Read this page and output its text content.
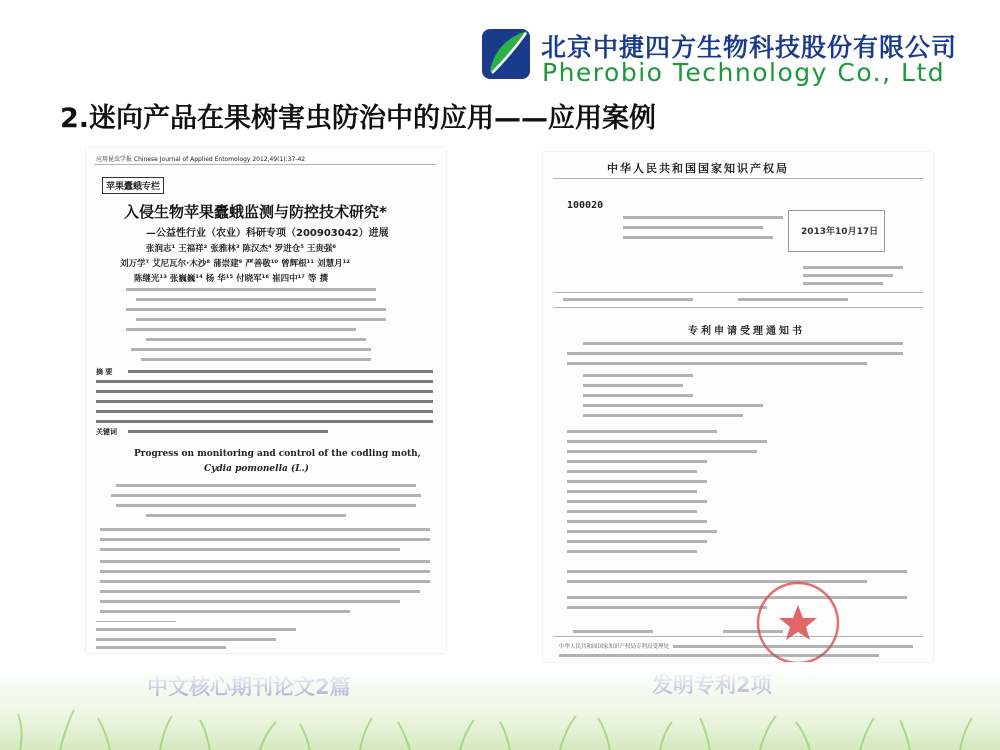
北京中捷四方生物科技股份有限公司
Pherobio Technology Co., Ltd
2.迷向产品在果树害虫防治中的应用——应用案例
应用昆虫学报 Chinese Journal of Applied Entomology 2012,49(1):37-42
苹果蠹蛾专栏
入侵生物苹果蠹蛾监测与防控技术研究*
—公益性行业（农业）科研专项（200903042）进展
张润志¹ 王福祥² 张雅林³ 陈汉杰⁴ 罗进仓⁵ 王贵强⁶
刘万学⁷ 艾尼瓦尔·木沙⁸ 蒲崇建⁹ 严善敬¹⁰ 曾辉根¹¹ 刘慧月¹²
陈继光¹³ 张巍巍¹⁴ 杨 华¹⁵ 付晓军¹⁶ 崔四中¹⁷ 等 撰
摘 要
关键词
Progress on monitoring and control of the codling moth,
Cydia pomonella (L.)
中华人民共和国国家知识产权局
100020
2013年10月17日
专利申请受理通知书
中华人民共和国国家知识产权局专利局受理处
